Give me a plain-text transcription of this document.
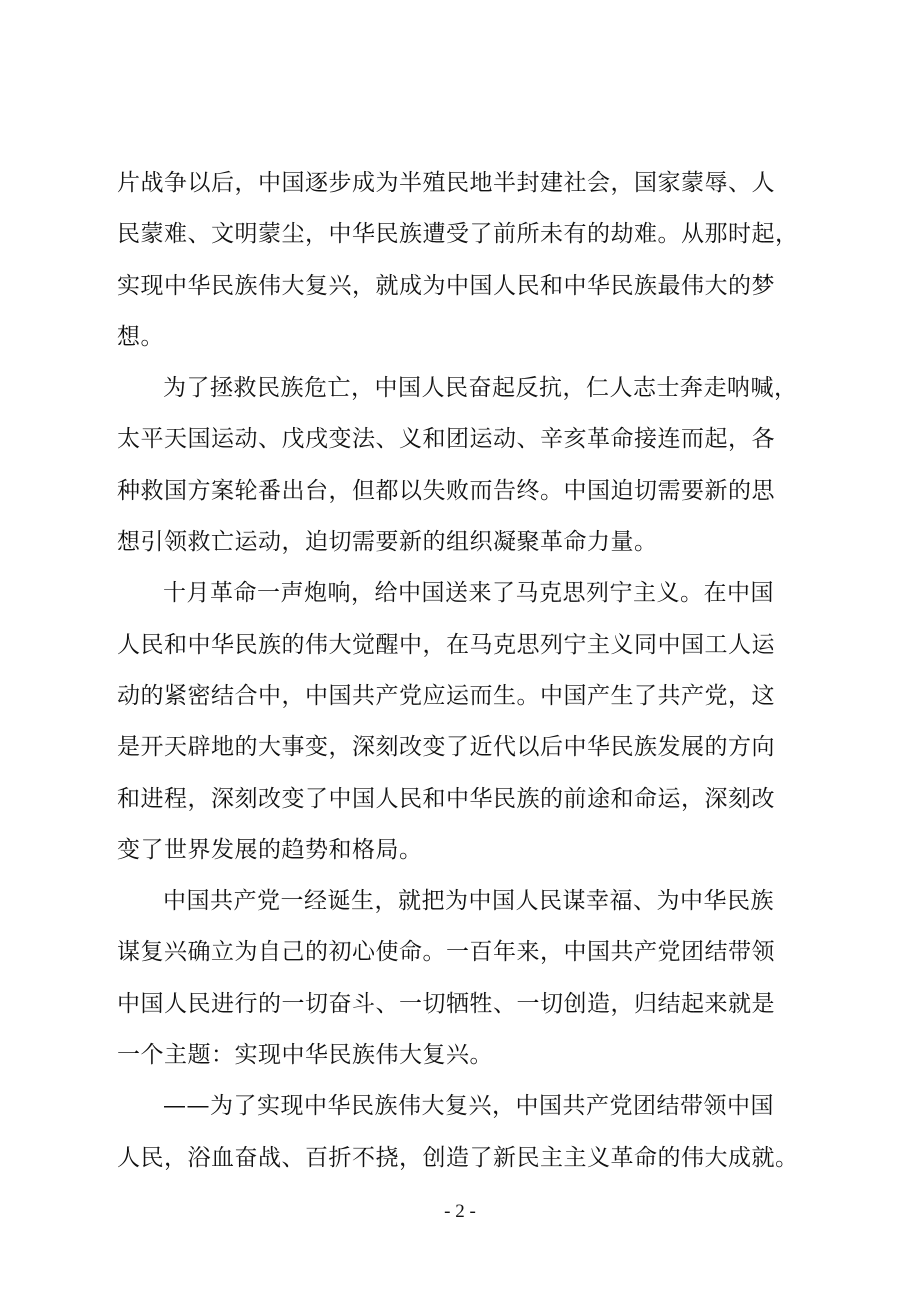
片战争以后，中国逐步成为半殖民地半封建社会，国家蒙辱、人
民蒙难、文明蒙尘，中华民族遭受了前所未有的劫难。从那时起，
实现中华民族伟大复兴，就成为中国人民和中华民族最伟大的梦
想。
为了拯救民族危亡，中国人民奋起反抗，仁人志士奔走呐喊，
太平天国运动、戊戌变法、义和团运动、辛亥革命接连而起，各
种救国方案轮番出台，但都以失败而告终。中国迫切需要新的思
想引领救亡运动，迫切需要新的组织凝聚革命力量。
十月革命一声炮响，给中国送来了马克思列宁主义。在中国
人民和中华民族的伟大觉醒中，在马克思列宁主义同中国工人运
动的紧密结合中，中国共产党应运而生。中国产生了共产党，这
是开天辟地的大事变，深刻改变了近代以后中华民族发展的方向
和进程，深刻改变了中国人民和中华民族的前途和命运，深刻改
变了世界发展的趋势和格局。
中国共产党一经诞生，就把为中国人民谋幸福、为中华民族
谋复兴确立为自己的初心使命。一百年来，中国共产党团结带领
中国人民进行的一切奋斗、一切牺牲、一切创造，归结起来就是
一个主题：实现中华民族伟大复兴。
——为了实现中华民族伟大复兴，中国共产党团结带领中国
人民，浴血奋战、百折不挠，创造了新民主主义革命的伟大成就。
- 2 -
